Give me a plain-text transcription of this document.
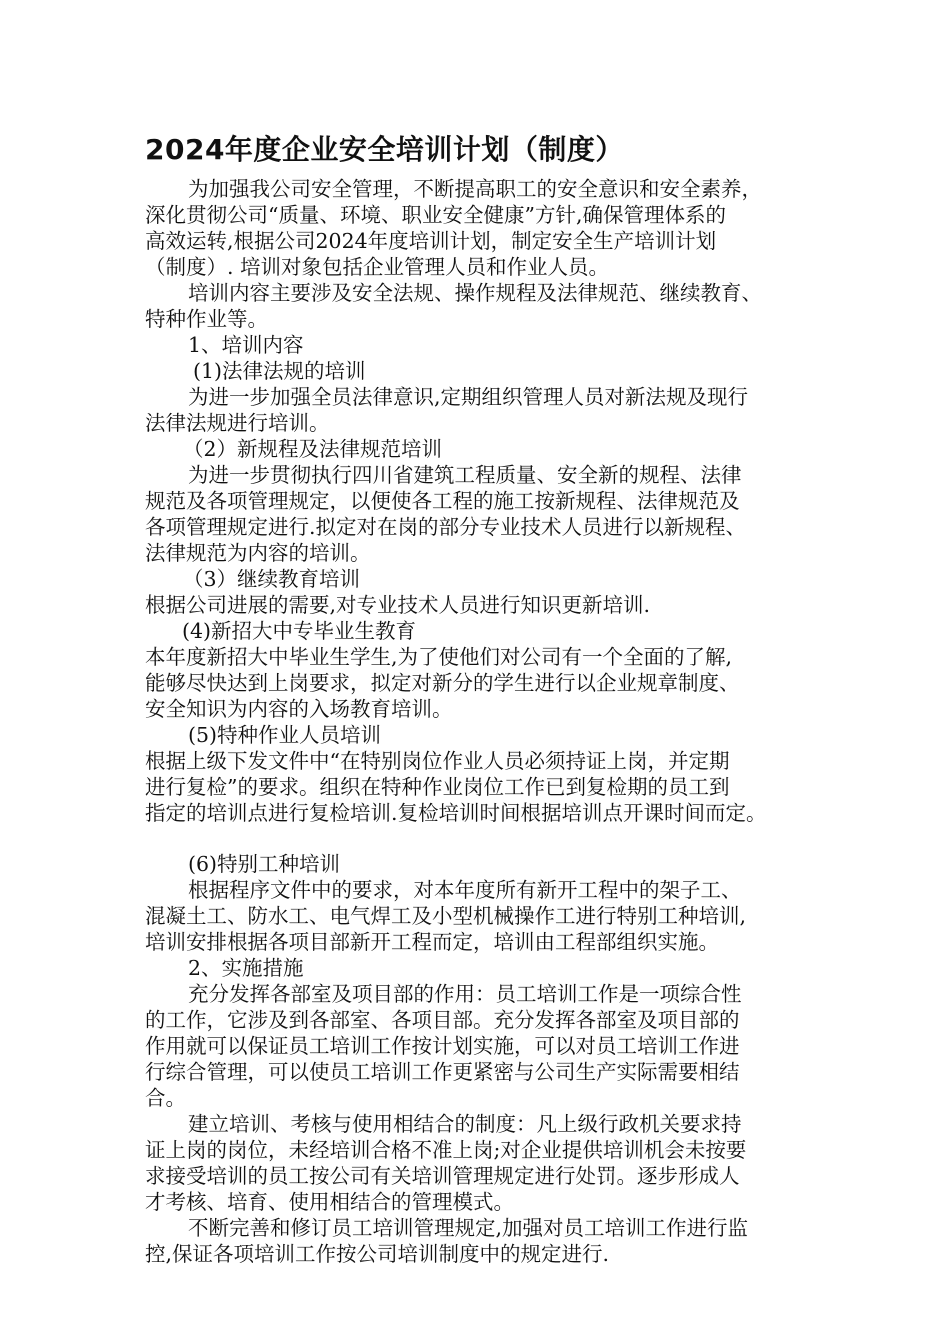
2024年度企业安全培训计划（制度）
为加强我公司安全管理，不断提高职工的安全意识和安全素养，
深化贯彻公司“质量、环境、职业安全健康”方针,确保管理体系的
高效运转,根据公司2024年度培训计划，制定安全生产培训计划
（制度）. 培训对象包括企业管理人员和作业人员。
培训内容主要涉及安全法规、操作规程及法律规范、继续教育、
特种作业等。
1、培训内容
(1)法律法规的培训
为进一步加强全员法律意识,定期组织管理人员对新法规及现行
法律法规进行培训。
（2）新规程及法律规范培训
为进一步贯彻执行四川省建筑工程质量、安全新的规程、法律
规范及各项管理规定，以便使各工程的施工按新规程、法律规范及
各项管理规定进行.拟定对在岗的部分专业技术人员进行以新规程、
法律规范为内容的培训。
（3）继续教育培训
根据公司进展的需要,对专业技术人员进行知识更新培训.
(4)新招大中专毕业生教育
本年度新招大中毕业生学生,为了使他们对公司有一个全面的了解,
能够尽快达到上岗要求，拟定对新分的学生进行以企业规章制度、
安全知识为内容的入场教育培训。
(5)特种作业人员培训
根据上级下发文件中“在特别岗位作业人员必须持证上岗，并定期
进行复检”的要求。组织在特种作业岗位工作已到复检期的员工到
指定的培训点进行复检培训.复检培训时间根据培训点开课时间而定。
(6)特别工种培训
根据程序文件中的要求，对本年度所有新开工程中的架子工、
混凝土工、防水工、电气焊工及小型机械操作工进行特别工种培训,
培训安排根据各项目部新开工程而定，培训由工程部组织实施。
2、实施措施
充分发挥各部室及项目部的作用：员工培训工作是一项综合性
的工作，它涉及到各部室、各项目部。充分发挥各部室及项目部的
作用就可以保证员工培训工作按计划实施，可以对员工培训工作进
行综合管理，可以使员工培训工作更紧密与公司生产实际需要相结
合。
建立培训、考核与使用相结合的制度：凡上级行政机关要求持
证上岗的岗位，未经培训合格不准上岗;对企业提供培训机会未按要
求接受培训的员工按公司有关培训管理规定进行处罚。逐步形成人
才考核、培育、使用相结合的管理模式。
不断完善和修订员工培训管理规定,加强对员工培训工作进行监
控,保证各项培训工作按公司培训制度中的规定进行.
